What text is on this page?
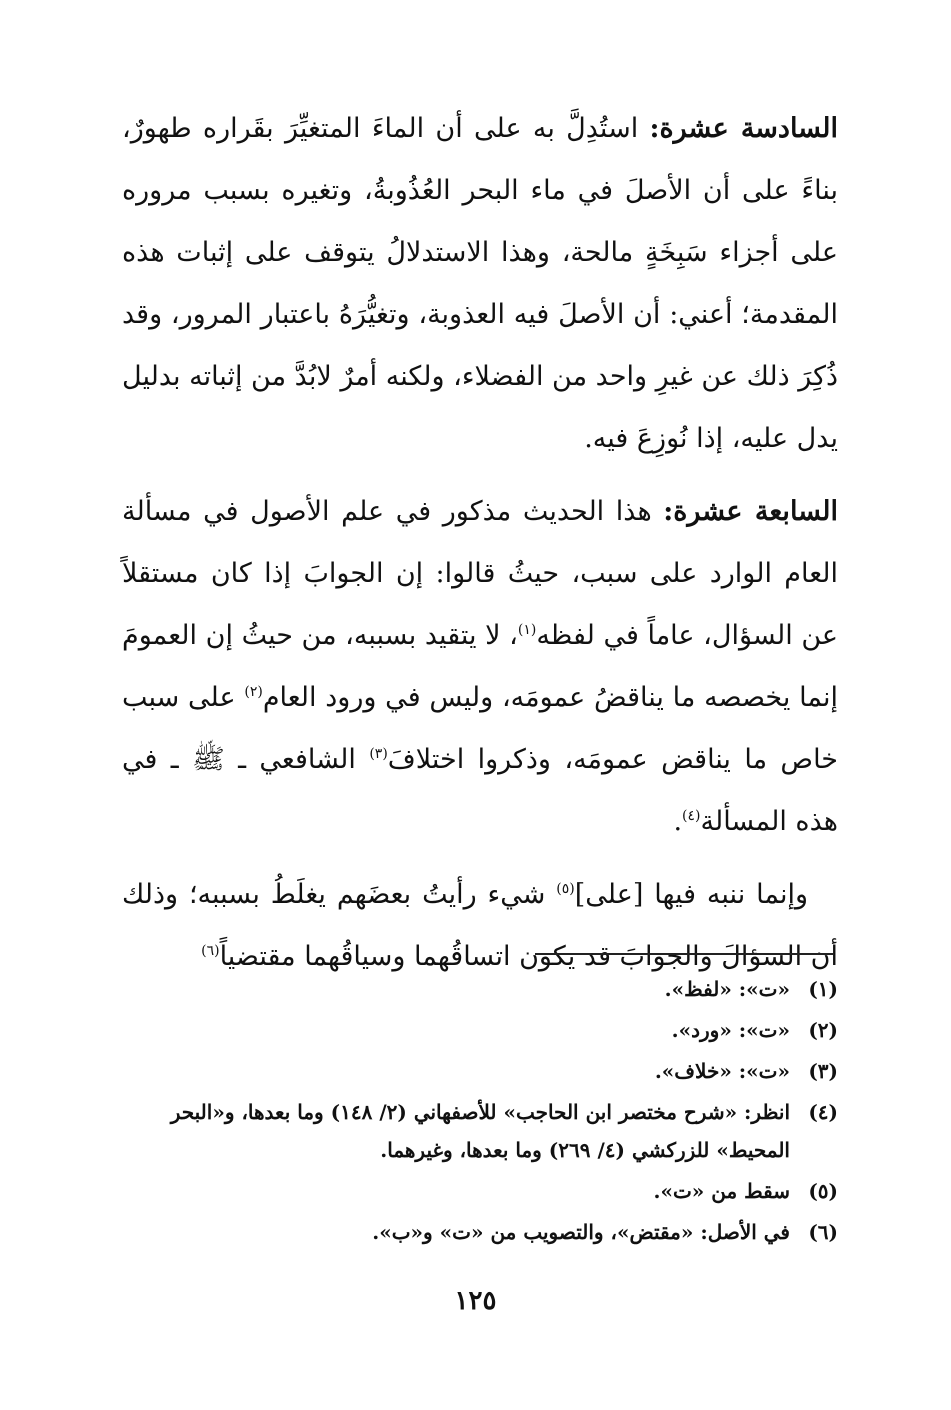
السادسة عشرة: استُدِلَّ به على أن الماءَ المتغيِّرَ بقَراره طهورٌ، بناءً على أن الأصلَ في ماء البحر العُذُوبةُ، وتغيره بسبب مروره على أجزاء سَبِخَةٍ مالحة، وهذا الاستدلالُ يتوقف على إثبات هذه المقدمة؛ أعني: أن الأصلَ فيه العذوبة، وتغيُّرَهُ باعتبار المرور، وقد ذُكِرَ ذلك عن غيرِ واحد من الفضلاء، ولكنه أمرٌ لابُدَّ من إثباته بدليل يدل عليه، إذا نُوزِعَ فيه.

السابعة عشرة: هذا الحديث مذكور في علم الأصول في مسألة العام الوارد على سبب، حيثُ قالوا: إن الجوابَ إذا كان مستقلاً عن السؤال، عاماً في لفظه$^{(١)}$، لا يتقيد بسببه، من حيثُ إن العمومَ إنما يخصصه ما يناقضُ عمومَه، وليس في ورود العام$^{(٢)}$ على سبب خاص ما يناقض عمومَه، وذكروا اختلافَ$^{(٣)}$ الشافعي ـ ﷺ ـ في هذه المسألة$^{(٤)}$.

وإنما ننبه فيها [على]$^{(٥)}$ شيء رأيتُ بعضَهم يغلَطُ بسببه؛ وذلك أن السؤالَ والجوابَ قد يكون اتساقُهما وسياقُهما مقتضياً$^{(٦)}$

(١)
«ت»: «لفظ».
(٢)
«ت»: «ورد».
(٣)
«ت»: «خلاف».
(٤)
انظر: «شرح مختصر ابن الحاجب» للأصفهاني (٢/ ١٤٨) وما بعدها، و«البحر المحيط» للزركشي (٤/ ٢٦٩) وما بعدها، وغيرهما.
(٥)
سقط من «ت».
(٦)
في الأصل: «مقتض»، والتصويب من «ت» و«ب».
١٢٥
